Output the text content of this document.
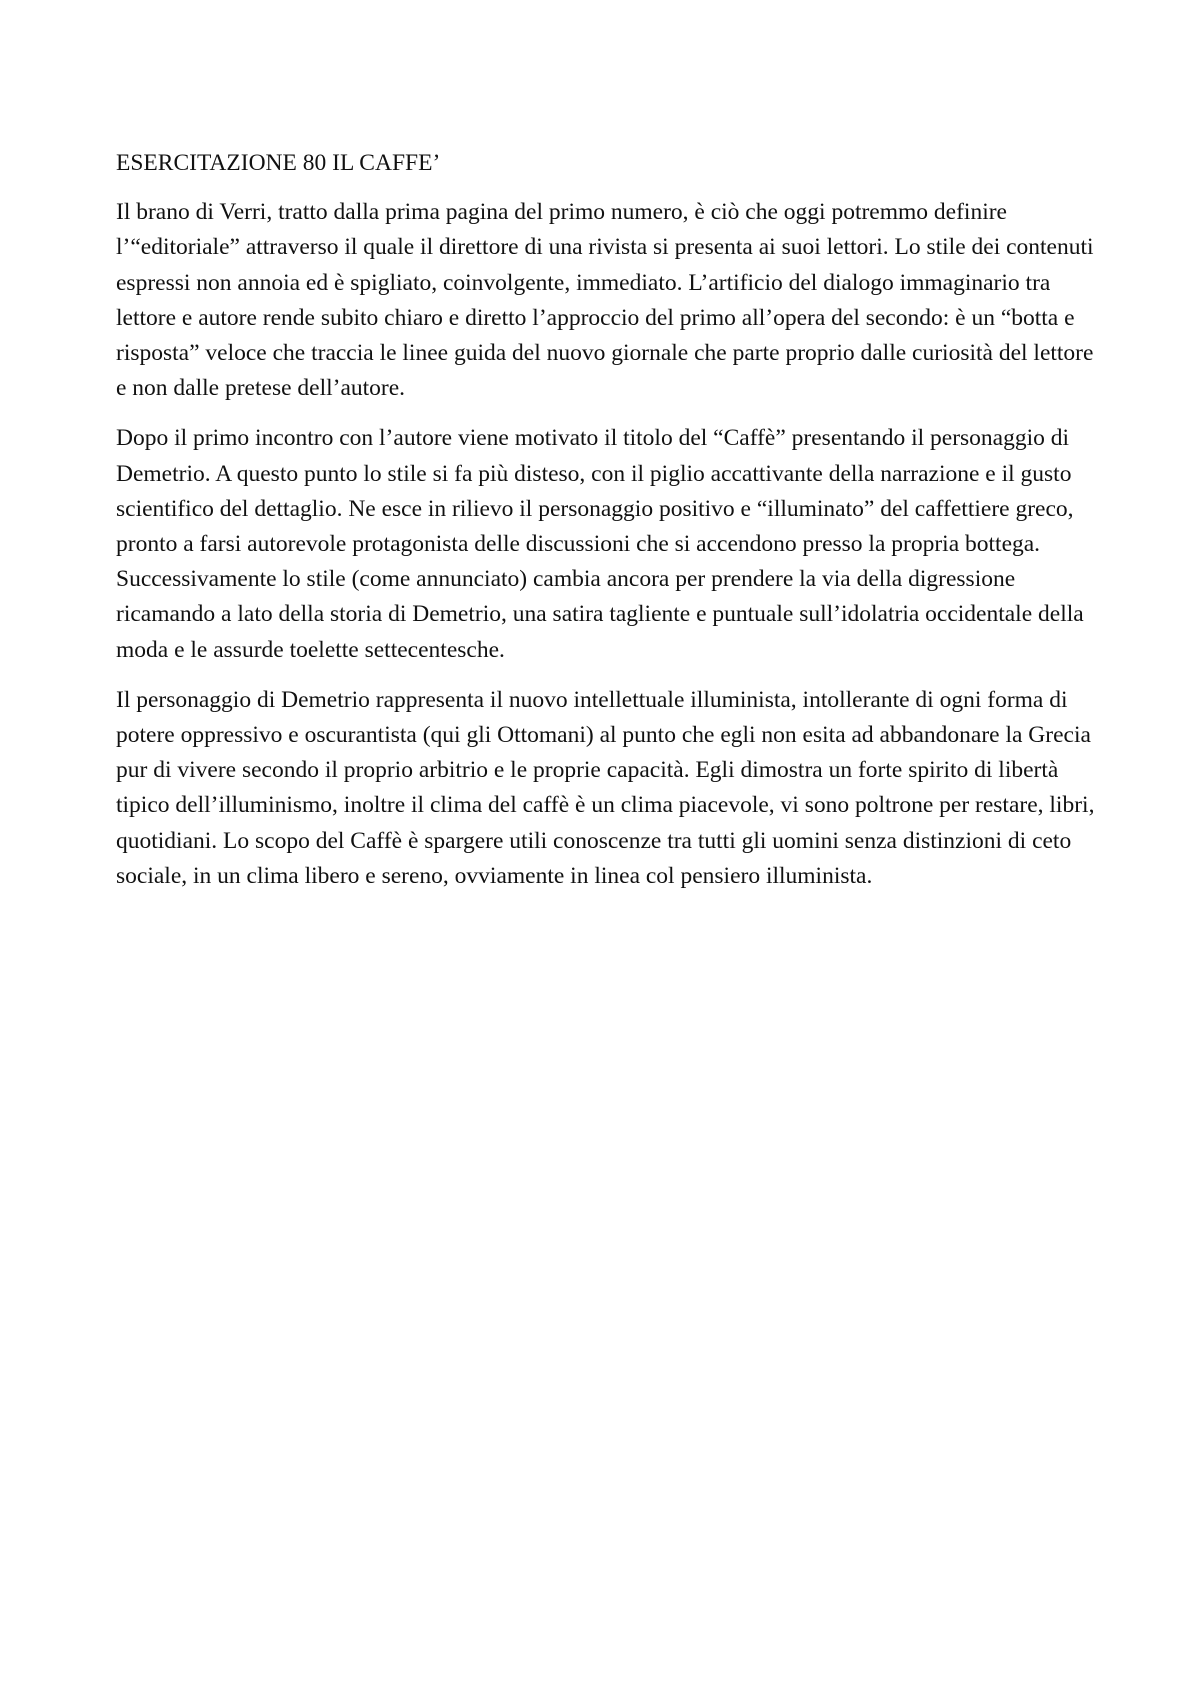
ESERCITAZIONE 80 IL CAFFE’

Il brano di Verri, tratto dalla prima pagina del primo numero, è ciò che oggi potremmo definire l’“editoriale” attraverso il quale il direttore di una rivista si presenta ai suoi lettori. Lo stile dei contenuti espressi non annoia ed è spigliato, coinvolgente, immediato. L’artificio del dialogo immaginario tra lettore e autore rende subito chiaro e diretto l’approccio del primo all’opera del secondo: è un “botta e risposta” veloce che traccia le linee guida del nuovo giornale che parte proprio dalle curiosità del lettore e non dalle pretese dell’autore.

Dopo il primo incontro con l’autore viene motivato il titolo del “Caffè” presentando il personaggio di Demetrio. A questo punto lo stile si fa più disteso, con il piglio accattivante della narrazione e il gusto scientifico del dettaglio. Ne esce in rilievo il personaggio positivo e “illuminato” del caffettiere greco, pronto a farsi autorevole protagonista delle discussioni che si accendono presso la propria bottega. Successivamente lo stile (come annunciato) cambia ancora per prendere la via della digressione ricamando a lato della storia di Demetrio, una satira tagliente e puntuale sull’idolatria occidentale della moda e le assurde toelette settecentesche.

Il personaggio di Demetrio rappresenta il nuovo intellettuale illuminista, intollerante di ogni forma di potere oppressivo e oscurantista (qui gli Ottomani) al punto che egli non esita ad abbandonare la Grecia pur di vivere secondo il proprio arbitrio e le proprie capacità. Egli dimostra un forte spirito di libertà tipico dell’illuminismo, inoltre il clima del caffè è un clima piacevole, vi sono poltrone per restare, libri, quotidiani. Lo scopo del Caffè è spargere utili conoscenze tra tutti gli uomini senza distinzioni di ceto sociale, in un clima libero e sereno, ovviamente in linea col pensiero illuminista.
